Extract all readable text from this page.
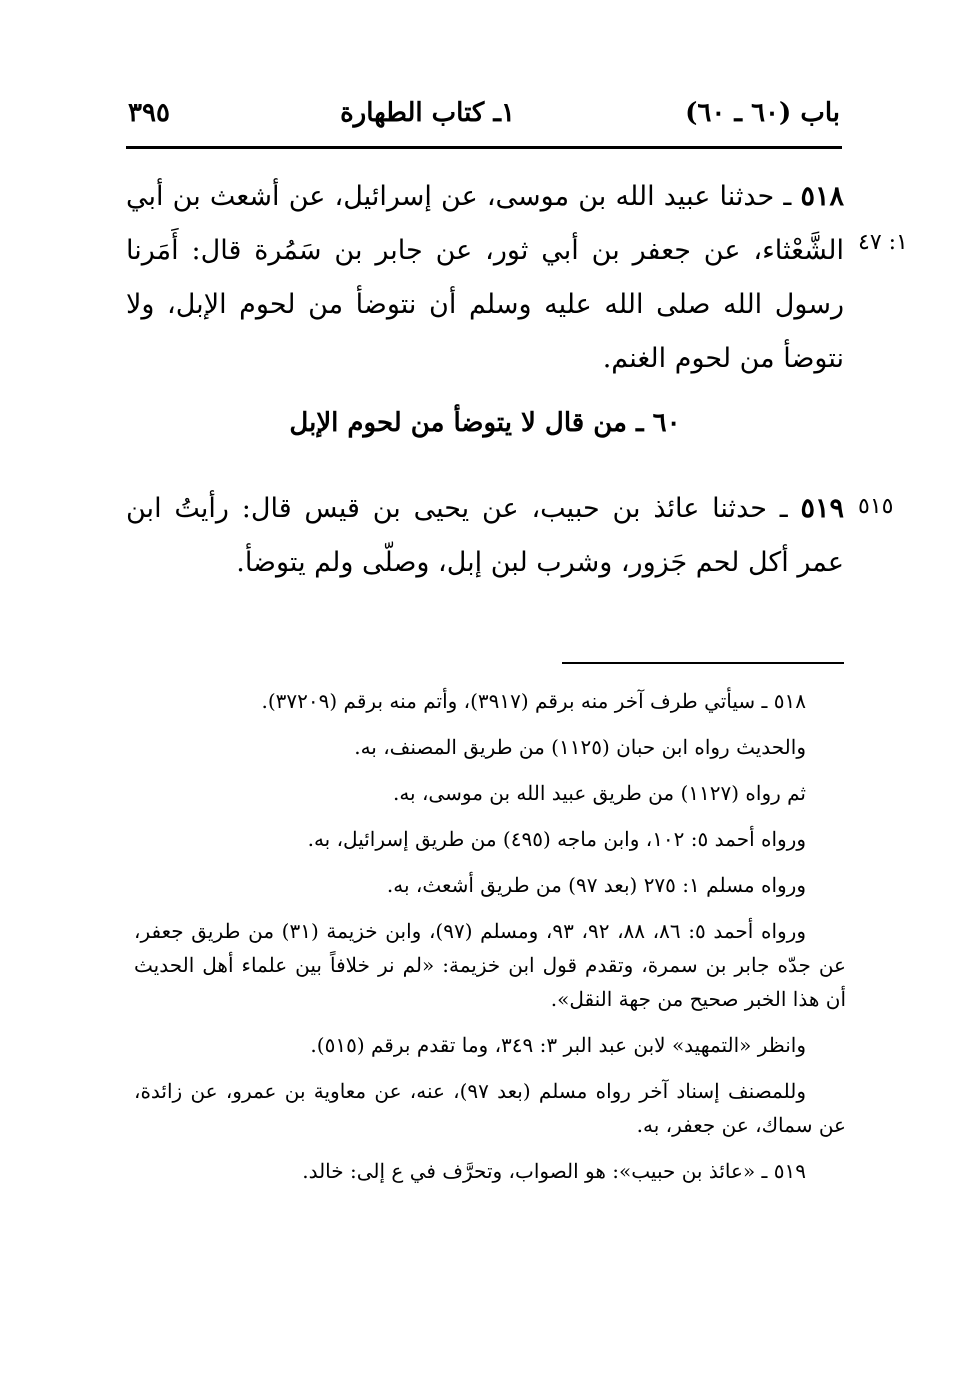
باب (٦٠ ـ ٦٠)
١ـ كتاب الطهارة
٣٩٥
٥١٨ ـ حدثنا عبيد الله بن موسى، عن إسرائيل، عن أشعث بن أبي الشَّعْثاء، عن جعفر بن أبي ثور، عن جابر بن سَمُرة قال: أَمَرنا رسول الله صلى الله عليه وسلم أن نتوضأ من لحوم الإبل، ولا نتوضأ من لحوم الغنم.
١: ٤٧
٦٠ ـ من قال لا يتوضأ من لحوم الإبل
٥١٩ ـ حدثنا عائذ بن حبيب، عن يحيى بن قيس قال: رأيتُ ابن عمر أكل لحم جَزور، وشرب لبن إبل، وصلّى ولم يتوضأ.
٥١٥

٥١٨ ـ سيأتي طرف آخر منه برقم (٣٩١٧)، وأتم منه برقم (٣٧٢٠٩).

والحديث رواه ابن حبان (١١٢٥) من طريق المصنف، به.

ثم رواه (١١٢٧) من طريق عبيد الله بن موسى، به.

ورواه أحمد ٥: ١٠٢، وابن ماجه (٤٩٥) من طريق إسرائيل، به.

ورواه مسلم ١: ٢٧٥ (بعد ٩٧) من طريق أشعث، به.

ورواه أحمد ٥: ٨٦، ٨٨، ٩٢، ٩٣، ومسلم (٩٧)، وابن خزيمة (٣١) من طريق جعفر، عن جدّه جابر بن سمرة، وتقدم قول ابن خزيمة: «لم نر خلافاً بين علماء أهل الحديث أن هذا الخبر صحيح من جهة النقل».

وانظر «التمهيد» لابن عبد البر ٣: ٣٤٩، وما تقدم برقم (٥١٥).

وللمصنف إسناد آخر رواه مسلم (بعد ٩٧)، عنه، عن معاوية بن عمرو، عن زائدة، عن سماك، عن جعفر، به.

٥١٩ ـ «عائذ بن حبيب»: هو الصواب، وتحرَّف في ع إلى: خالد.
